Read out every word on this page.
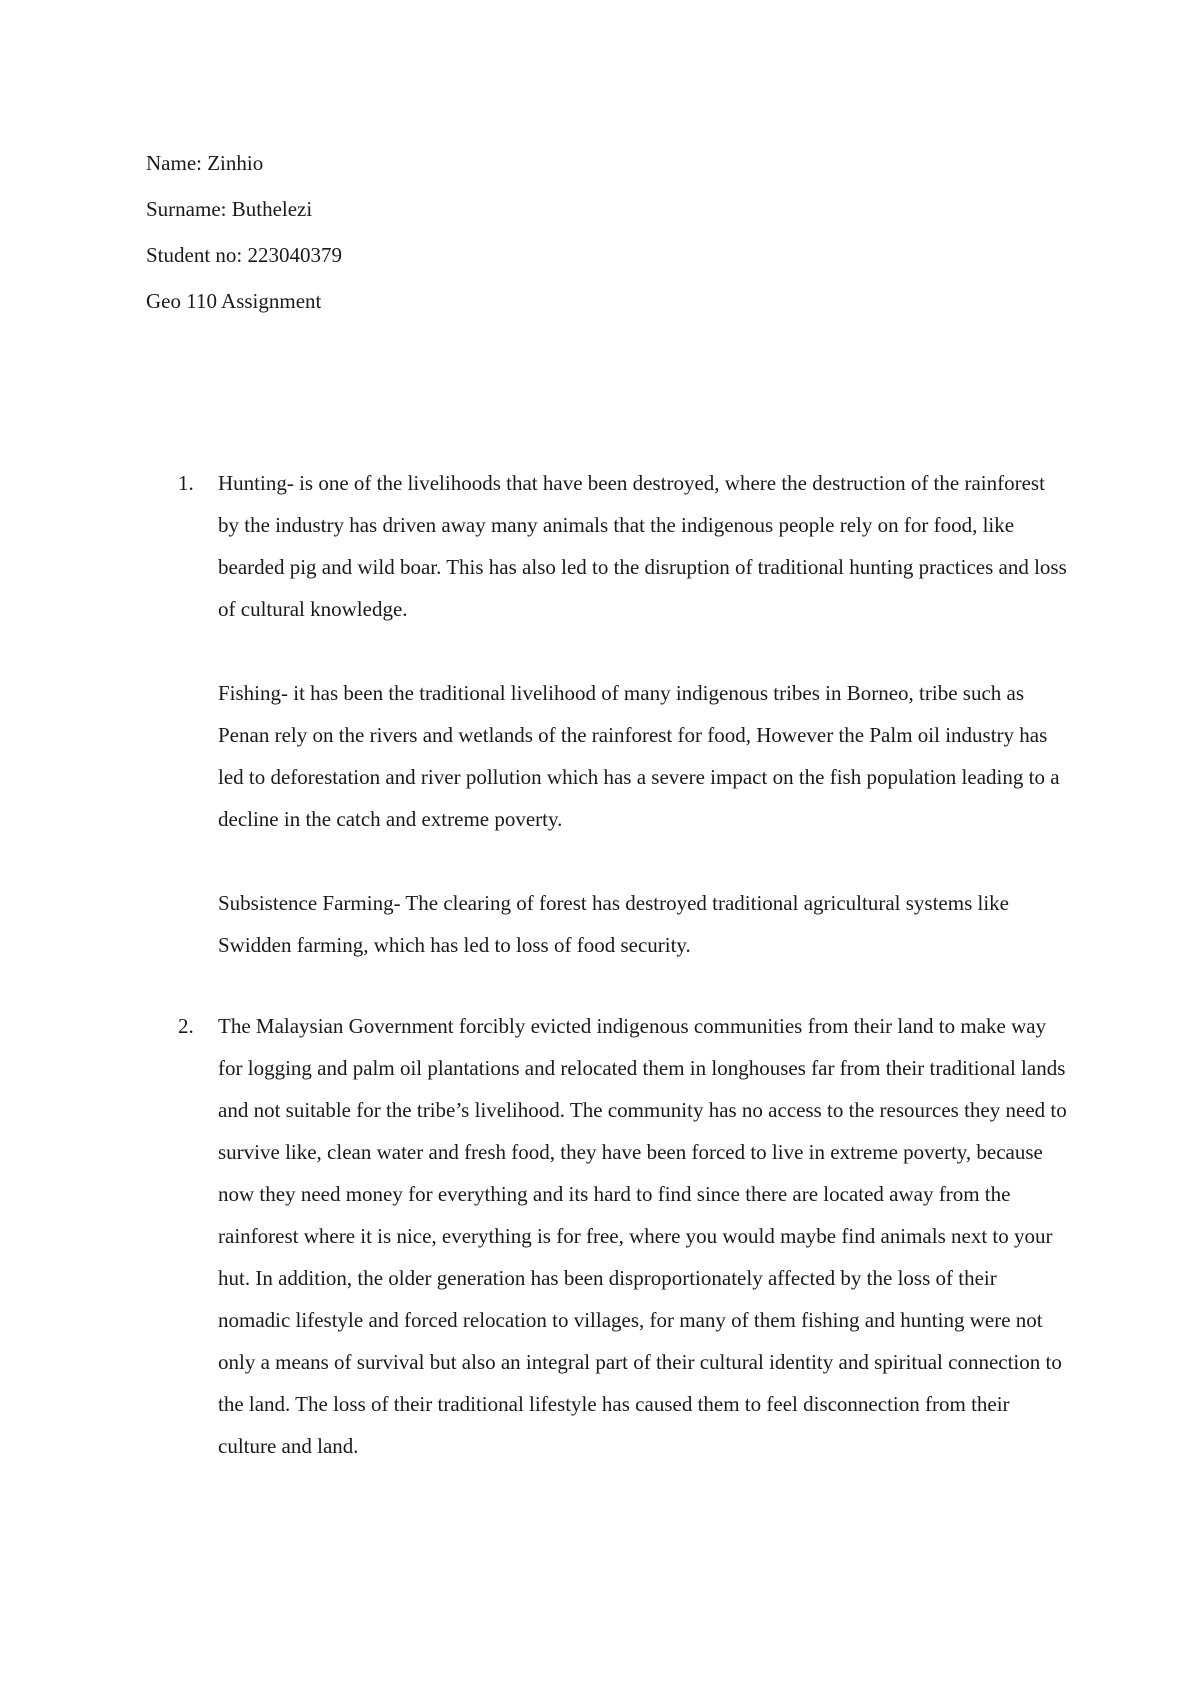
Name: Zinhio

Surname: Buthelezi

Student no: 223040379

Geo 110 Assignment

1. Hunting- is one of the livelihoods that have been destroyed, where the destruction of the rainforest by the industry has driven away many animals that the indigenous people rely on for food, like bearded pig and wild boar. This has also led to the disruption of traditional hunting practices and loss of cultural knowledge.

Fishing- it has been the traditional livelihood of many indigenous tribes in Borneo, tribe such as Penan rely on the rivers and wetlands of the rainforest for food, However the Palm oil industry has led to deforestation and river pollution which has a severe impact on the fish population leading to a decline in the catch and extreme poverty.

Subsistence Farming- The clearing of forest has destroyed traditional agricultural systems like Swidden farming, which has led to loss of food security.

2. The Malaysian Government forcibly evicted indigenous communities from their land to make way for logging and palm oil plantations and relocated them in longhouses far from their traditional lands and not suitable for the tribe’s livelihood. The community has no access to the resources they need to survive like, clean water and fresh food, they have been forced to live in extreme poverty, because now they need money for everything and its hard to find since there are located away from the rainforest where it is nice, everything is for free, where you would maybe find animals next to your hut. In addition, the older generation has been disproportionately affected by the loss of their nomadic lifestyle and forced relocation to villages, for many of them fishing and hunting were not only a means of survival but also an integral part of their cultural identity and spiritual connection to the land. The loss of their traditional lifestyle has caused them to feel disconnection from their culture and land.
